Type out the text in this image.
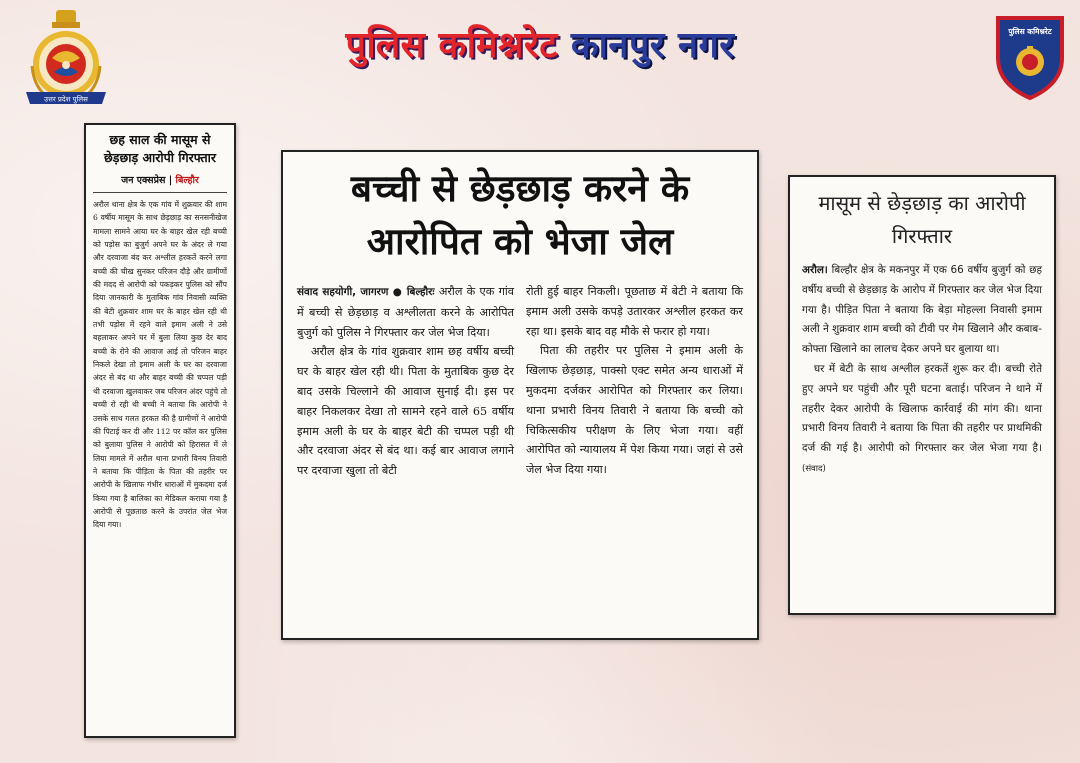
उत्तर प्रदेश पुलिस
पुलिस कमिश्नरेट कानपुर नगर	पुलिस कमिश्नरेट
छह साल की मासूम से छेड़छाड़ आरोपी गिरफ्तार
जन एक्सप्रेस | बिल्हौर
अरौल थाना क्षेत्र के एक गांव में शुक्रवार की शाम 6 वर्षीय मासूम के साथ छेड़छाड़ का सनसनीखेज मामला सामने आया घर के बाहर खेल रही बच्ची को पड़ोस का बुजुर्ग अपने घर के अंदर ले गया और दरवाजा बंद कर अश्लील हरकतें करने लगा बच्ची की चीख सुनकर परिजन दौड़े और ग्रामीणों की मदद से आरोपी को पकड़कर पुलिस को सौंप दिया जानकारी के मुताबिक गांव निवासी व्यक्ति की बेटी शुक्रवार शाम घर के बाहर खेल रही थी तभी पड़ोस में रहने वाले इमाम अली ने उसे बहलाकर अपने घर में बुला लिया कुछ देर बाद बच्ची के रोने की आवाज आई तो परिजन बाहर निकले देखा तो इमाम अली के घर का दरवाजा अंदर से बंद था और बाहर बच्ची की चप्पल पड़ी थी दरवाजा खुलवाकर जब परिजन अंदर पहुंचे तो बच्ची रो रही थी बच्ची ने बताया कि आरोपी ने उसके साथ गलत हरकत की है ग्रामीणों ने आरोपी की पिटाई कर दी और 112 पर कॉल कर पुलिस को बुलाया पुलिस ने आरोपी को हिरासत में ले लिया मामले में अरौल थाना प्रभारी विनय तिवारी ने बताया कि पीड़िता के पिता की तहरीर पर आरोपी के खिलाफ गंभीर धाराओं में मुकदमा दर्ज किया गया है बालिका का मेडिकल कराया गया है आरोपी से पूछताछ करने के उपरांत जेल भेज दिया गया।
बच्ची से छेड़छाड़ करने के आरोपित को भेजा जेल

संवाद सहयोगी, जागरण ● बिल्हौरः अरौल के एक गांव में बच्ची से छेड़छाड़ व अश्लीलता करने के आरोपित बुजुर्ग को पुलिस ने गिरफ्तार कर जेल भेज दिया।

अरौल क्षेत्र के गांव शुक्रवार शाम छह वर्षीय बच्ची घर के बाहर खेल रही थी। पिता के मुताबिक कुछ देर बाद उसके चिल्लाने की आवाज सुनाई दी। इस पर बाहर निकलकर देखा तो सामने रहने वाले 65 वर्षीय इमाम अली के घर के बाहर बेटी की चप्पल पड़ी थी और दरवाजा अंदर से बंद था। कई बार आवाज लगाने पर दरवाजा खुला तो बेटी

रोती हुई बाहर निकली। पूछताछ में बेटी ने बताया कि इमाम अली उसके कपड़े उतारकर अश्लील हरकत कर रहा था। इसके बाद वह मौके से फरार हो गया।

पिता की तहरीर पर पुलिस ने इमाम अली के खिलाफ छेड़छाड़, पाक्सो एक्ट समेत अन्य धाराओं में मुकदमा दर्जकर आरोपित को गिरफ्तार कर लिया। थाना प्रभारी विनय तिवारी ने बताया कि बच्ची को चिकित्सकीय परीक्षण के लिए भेजा गया। वहीं आरोपित को न्यायालय में पेश किया गया। जहां से उसे जेल भेज दिया गया।

मासूम से छेड़छाड़ का आरोपी गिरफ्तार

अरौल। बिल्हौर क्षेत्र के मकनपुर में एक 66 वर्षीय बुजुर्ग को छह वर्षीय बच्ची से छेड़छाड़ के आरोप में गिरफ्तार कर जेल भेज दिया गया है। पीड़ित पिता ने बताया कि बेड़ा मोहल्ला निवासी इमाम अली ने शुक्रवार शाम बच्ची को टीवी पर गेम खिलाने और कबाब-कोफ्ता खिलाने का लालच देकर अपने घर बुलाया था।

घर में बेटी के साथ अश्लील हरकतें शुरू कर दी। बच्ची रोते हुए अपने घर पहुंची और पूरी घटना बताई। परिजन ने थाने में तहरीर देकर आरोपी के खिलाफ कार्रवाई की मांग की। थाना प्रभारी विनय तिवारी ने बताया कि पिता की तहरीर पर प्राथमिकी दर्ज की गई है। आरोपी को गिरफ्तार कर जेल भेजा गया है। (संवाद)
